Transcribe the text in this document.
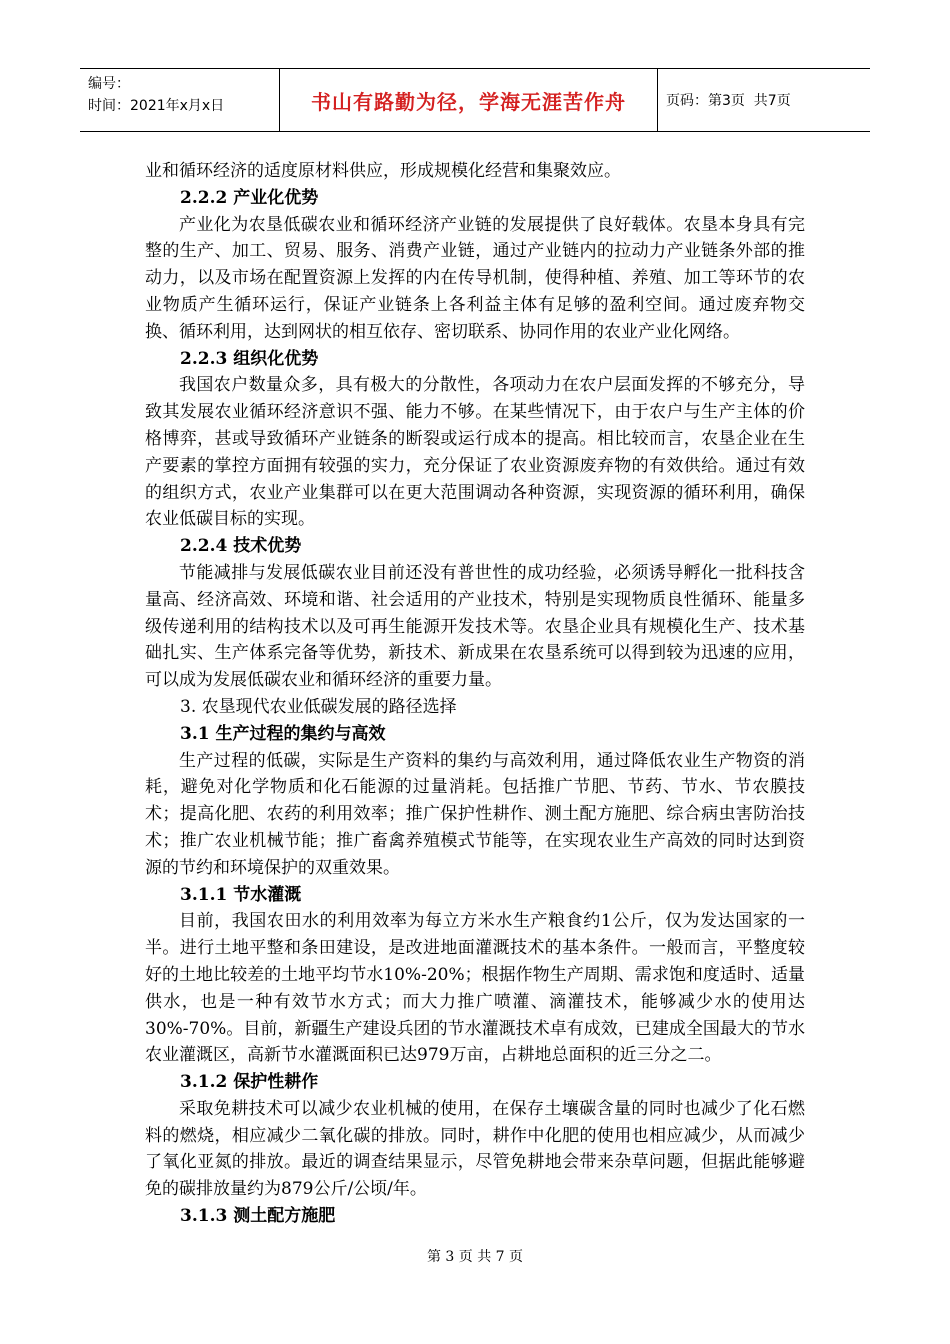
编号：
时间：2021年x月x日	书山有路勤为径，学海无涯苦作舟	页码：第3页  共7页

业和循环经济的适度原材料供应，形成规模化经营和集聚效应。

2.2.2 产业化优势

产业化为农垦低碳农业和循环经济产业链的发展提供了良好载体。农垦本身具有完整的生产、加工、贸易、服务、消费产业链，通过产业链内的拉动力产业链条外部的推动力，以及市场在配置资源上发挥的内在传导机制，使得种植、养殖、加工等环节的农业物质产生循环运行，保证产业链条上各利益主体有足够的盈利空间。通过废弃物交换、循环利用，达到网状的相互依存、密切联系、协同作用的农业产业化网络。

2.2.3 组织化优势

我国农户数量众多，具有极大的分散性，各项动力在农户层面发挥的不够充分，导致其发展农业循环经济意识不强、能力不够。在某些情况下，由于农户与生产主体的价格博弈，甚或导致循环产业链条的断裂或运行成本的提高。相比较而言，农垦企业在生产要素的掌控方面拥有较强的实力，充分保证了农业资源废弃物的有效供给。通过有效的组织方式，农业产业集群可以在更大范围调动各种资源，实现资源的循环利用，确保农业低碳目标的实现。

2.2.4 技术优势

节能减排与发展低碳农业目前还没有普世性的成功经验，必须诱导孵化一批科技含量高、经济高效、环境和谐、社会适用的产业技术，特别是实现物质良性循环、能量多级传递利用的结构技术以及可再生能源开发技术等。农垦企业具有规模化生产、技术基础扎实、生产体系完备等优势，新技术、新成果在农垦系统可以得到较为迅速的应用，可以成为发展低碳农业和循环经济的重要力量。

3. 农垦现代农业低碳发展的路径选择

3.1 生产过程的集约与高效

生产过程的低碳，实际是生产资料的集约与高效利用，通过降低农业生产物资的消耗，避免对化学物质和化石能源的过量消耗。包括推广节肥、节药、节水、节农膜技术；提高化肥、农药的利用效率；推广保护性耕作、测土配方施肥、综合病虫害防治技术；推广农业机械节能；推广畜禽养殖模式节能等，在实现农业生产高效的同时达到资源的节约和环境保护的双重效果。

3.1.1 节水灌溉

目前，我国农田水的利用效率为每立方米水生产粮食约1公斤，仅为发达国家的一半。进行土地平整和条田建设，是改进地面灌溉技术的基本条件。一般而言，平整度较好的土地比较差的土地平均节水10%-20%；根据作物生产周期、需求饱和度适时、适量供水，也是一种有效节水方式；而大力推广喷灌、滴灌技术，能够减少水的使用达30%-70%。目前，新疆生产建设兵团的节水灌溉技术卓有成效，已建成全国最大的节水农业灌溉区，高新节水灌溉面积已达979万亩，占耕地总面积的近三分之二。

3.1.2 保护性耕作

采取免耕技术可以减少农业机械的使用，在保存土壤碳含量的同时也减少了化石燃料的燃烧，相应减少二氧化碳的排放。同时，耕作中化肥的使用也相应减少，从而减少了氧化亚氮的排放。最近的调查结果显示，尽管免耕地会带来杂草问题，但据此能够避免的碳排放量约为879公斤/公顷/年。

3.1.3 测土配方施肥

第 3 页 共 7 页
